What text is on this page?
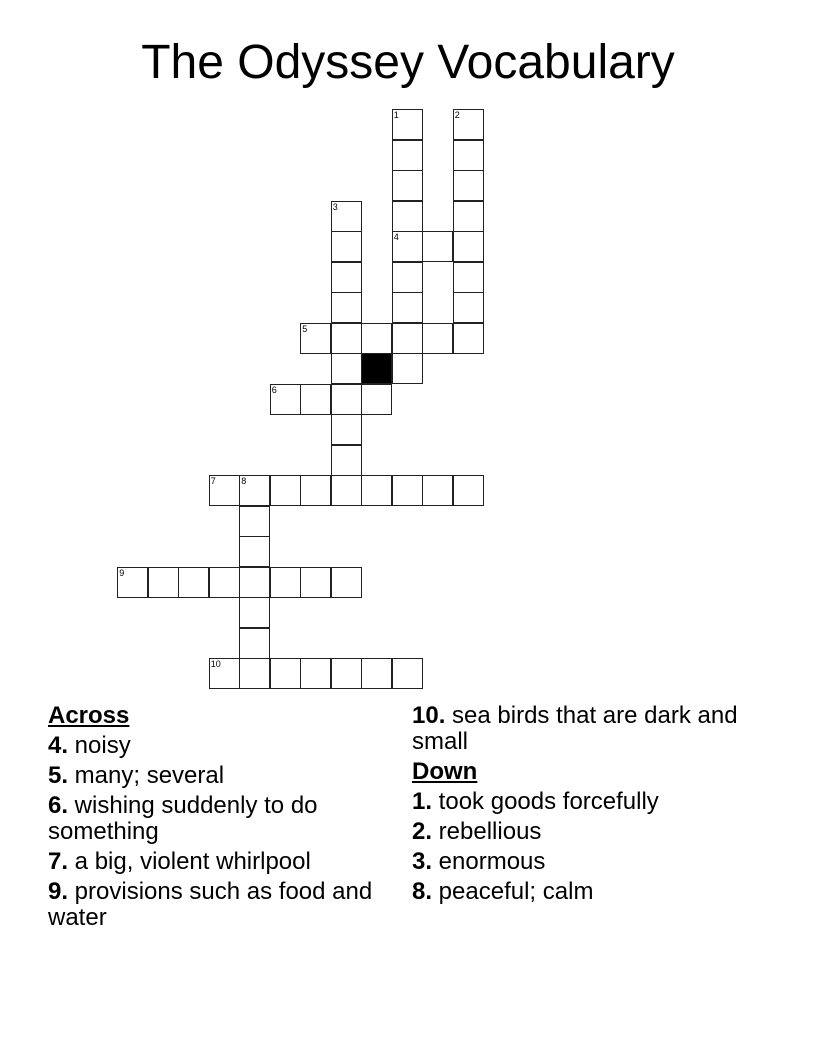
The Odyssey Vocabulary
1	2
3
4
5
6
7	8
9
10
Across
4. noisy
5. many; several
6. wishing suddenly to do something
7. a big, violent whirlpool
9. provisions such as food and water
10. sea birds that are dark and small
Down
1. took goods forcefully
2. rebellious
3. enormous
8. peaceful; calm
